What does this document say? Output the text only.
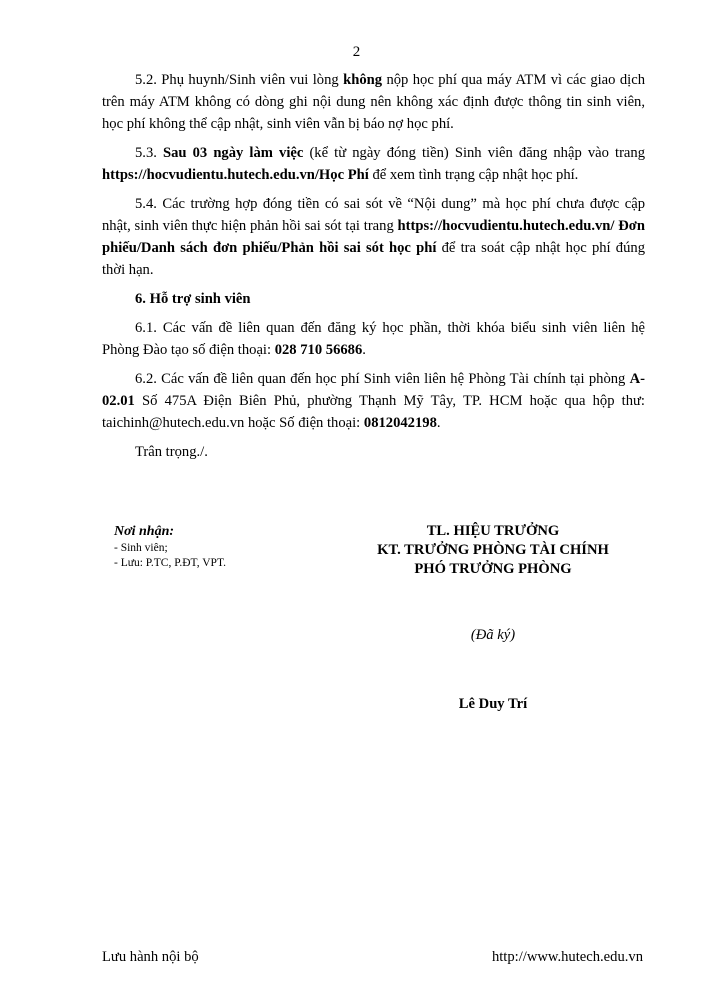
2

5.2. Phụ huynh/Sinh viên vui lòng không nộp học phí qua máy ATM vì các giao dịch trên máy ATM không có dòng ghi nội dung nên không xác định được thông tin sinh viên, học phí không thể cập nhật, sinh viên vẫn bị báo nợ học phí.

5.3. Sau 03 ngày làm việc (kể từ ngày đóng tiền) Sinh viên đăng nhập vào trang https://hocvudientu.hutech.edu.vn/Học Phí để xem tình trạng cập nhật học phí.

5.4. Các trường hợp đóng tiền có sai sót về “Nội dung” mà học phí chưa được cập nhật, sinh viên thực hiện phản hồi sai sót tại trang https://hocvudientu.hutech.edu.vn/ Đơn phiếu/Danh sách đơn phiếu/Phản hồi sai sót học phí để tra soát cập nhật học phí đúng thời hạn.

6. Hỗ trợ sinh viên

6.1. Các vấn đề liên quan đến đăng ký học phần, thời khóa biểu sinh viên liên hệ Phòng Đào tạo số điện thoại: 028 710 56686.

6.2. Các vấn đề liên quan đến học phí Sinh viên liên hệ Phòng Tài chính tại phòng A-02.01 Số 475A Điện Biên Phủ, phường Thạnh Mỹ Tây, TP. HCM hoặc qua hộp thư: taichinh@hutech.edu.vn hoặc Số điện thoại: 0812042198.

Trân trọng./.

Nơi nhận:
- Sinh viên;
- Lưu: P.TC, P.ĐT, VPT.
TL. HIỆU TRƯỞNG
KT. TRƯỞNG PHÒNG TÀI CHÍNH
PHÓ TRƯỞNG PHÒNG
(Đã ký)
Lê Duy Trí
Lưu hành nội bộ	http://www.hutech.edu.vn
